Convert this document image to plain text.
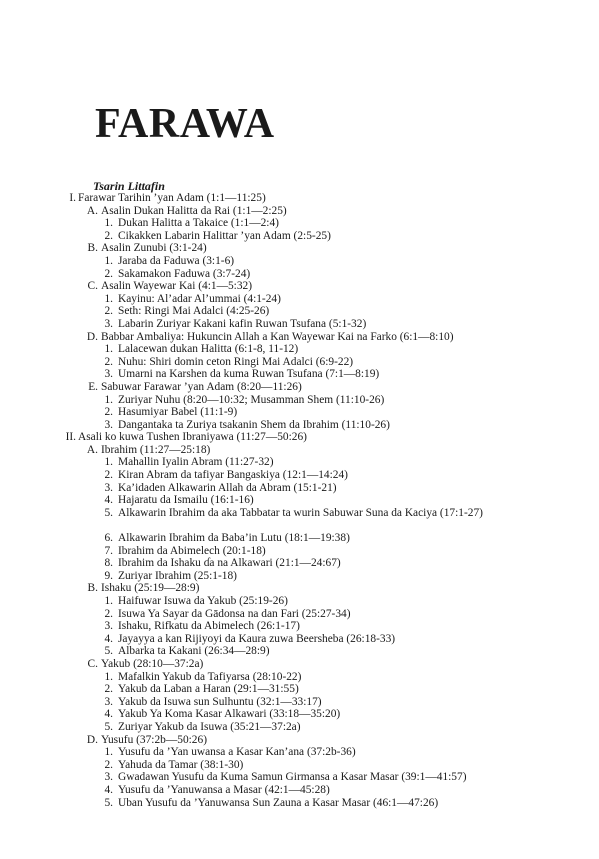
FARAWA
Tsarin Littafin
I. Farawar Tarihin ’yan Adam (1:1—11:25)
A. Asalin Dukan Halitta da Rai (1:1—2:25)
1. Dukan Halitta a Takaice (1:1—2:4)
2. Cikakken Labarin Halittar ’yan Adam (2:5-25)
B. Asalin Zunubi (3:1-24)
1. Jaraba da Faduwa (3:1-6)
2. Sakamakon Faduwa (3:7-24)
C. Asalin Wayewar Kai (4:1—5:32)
1. Kayinu: Al’adar Al’ummai (4:1-24)
2. Seth: Ringi Mai Adalci (4:25-26)
3. Labarin Zuriyar Kakani kafin Ruwan Tsufana (5:1-32)
D. Babbar Ambaliya: Hukuncin Allah a Kan Wayewar Kai na Farko (6:1—8:10)
1. Lalacewan dukan Halitta (6:1-8, 11-12)
2. Nuhu: Shiri domin ceton Ringi Mai Adalci (6:9-22)
3. Umarni na Karshen da kuma Ruwan Tsufana (7:1—8:19)
E. Sabuwar Farawar ’yan Adam (8:20—11:26)
1. Zuriyar Nuhu (8:20—10:32; Musamman Shem (11:10-26)
2. Hasumiyar Babel (11:1-9)
3. Dangantaka ta Zuriya tsakanin Shem da Ibrahim (11:10-26)
II. Asali ko kuwa Tushen Ibraniyawa (11:27—50:26)
A. Ibrahim (11:27—25:18)
1. Mahallin Iyalin Abram (11:27-32)
2. Kiran Abram da tafiyar Bangaskiya (12:1—14:24)
3. Ka’idaden Alkawarin Allah da Abram (15:1-21)
4. Hajaratu da Ismailu (16:1-16)
5. Alkawarin Ibrahim da aka Tabbatar ta wurin Sabuwar Suna da Kaciya (17:1-27)
6. Alkawarin Ibrahim da Baba’in Lutu (18:1—19:38)
7. Ibrahim da Abimelech (20:1-18)
8. Ibrahim da Ishaku ɗa na Alkawari (21:1—24:67)
9. Zuriyar Ibrahim (25:1-18)
B. Ishaku (25:19—28:9)
1. Haifuwar Isuwa da Yakub (25:19-26)
2. Isuwa Ya Sayar da Gādonsa na dan Fari (25:27-34)
3. Ishaku, Rifkatu da Abimelech (26:1-17)
4. Jayayya a kan Rijiyoyi da Kaura zuwa Beersheba (26:18-33)
5. Albarka ta Kakani (26:34—28:9)
C. Yakub (28:10—37:2a)
1. Mafalkin Yakub da Tafiyarsa (28:10-22)
2. Yakub da Laban a Haran (29:1—31:55)
3. Yakub da Isuwa sun Sulhuntu (32:1—33:17)
4. Yakub Ya Koma Kasar Alkawari (33:18—35:20)
5. Zuriyar Yakub da Isuwa (35:21—37:2a)
D. Yusufu (37:2b—50:26)
1. Yusufu da ’Yan uwansa a Kasar Kan’ana (37:2b-36)
2. Yahuda da Tamar (38:1-30)
3. Gwadawan Yusufu da Kuma Samun Girmansa a Kasar Masar (39:1—41:57)
4. Yusufu da ’Yanuwansa a Masar (42:1—45:28)
5. Uban Yusufu da ’Yanuwansa Sun Zauna a Kasar Masar (46:1—47:26)
